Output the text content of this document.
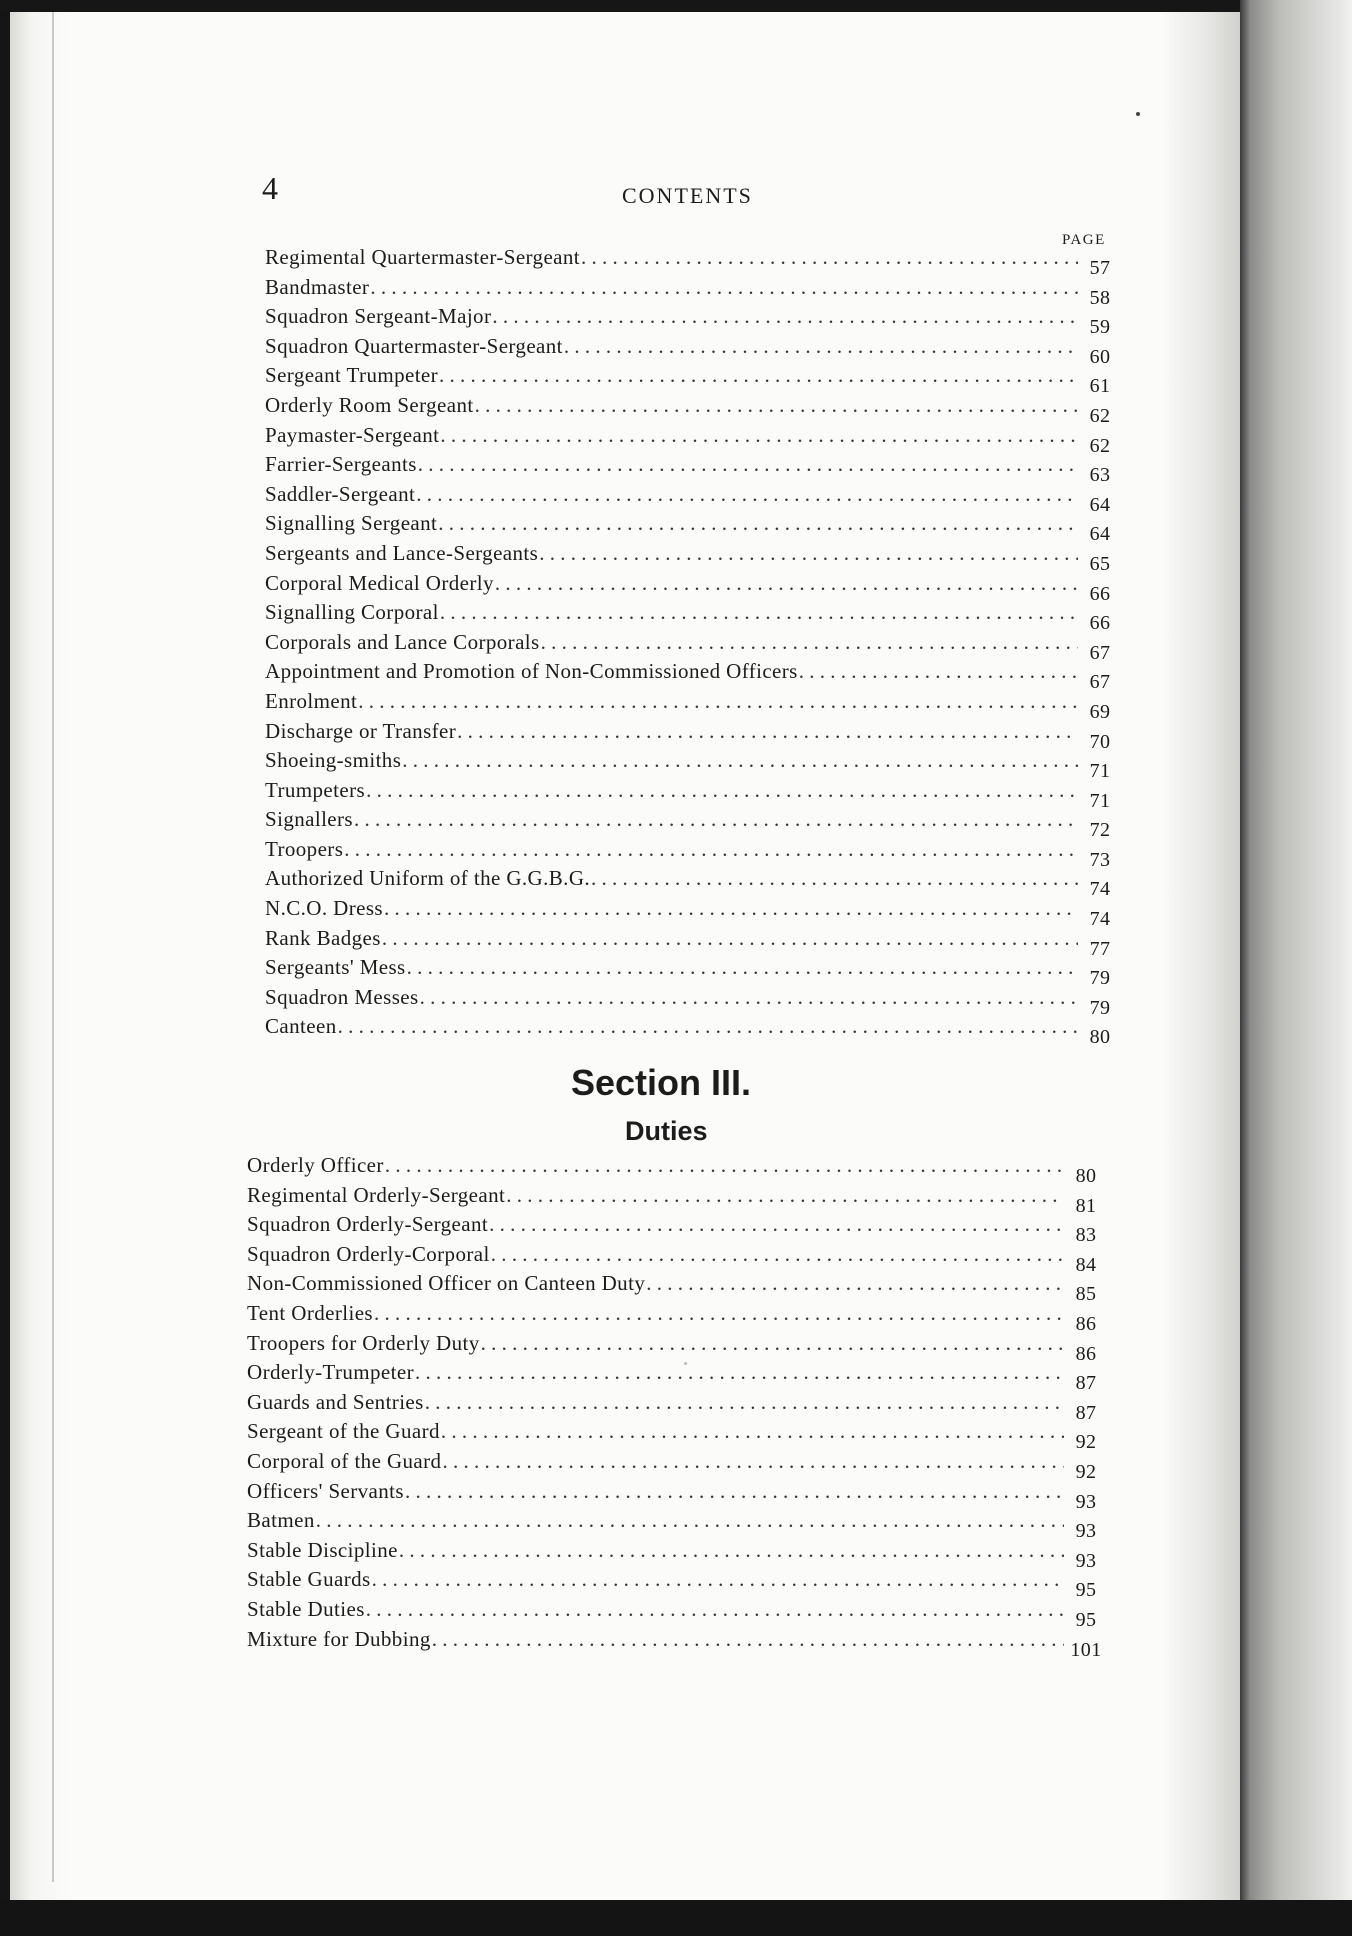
4	CONTENTS
PAGE
Regimental Quartermaster-Sergeant . . .	57
Bandmaster . . .	58
Squadron Sergeant-Major . . .	59
Squadron Quartermaster-Sergeant . . .	60
Sergeant Trumpeter . . .	61
Orderly Room Sergeant . . .	62
Paymaster-Sergeant . . .	62
Farrier-Sergeants . . .	63
Saddler-Sergeant . . .	64
Signalling Sergeant . . .	64
Sergeants and Lance-Sergeants . . .	65
Corporal Medical Orderly . . .	66
Signalling Corporal . . .	66
Corporals and Lance Corporals . . .	67
Appointment and Promotion of Non-Commissioned Officers . . .	67
Enrolment . . .	69
Discharge or Transfer . . .	70
Shoeing-smiths . . .	71
Trumpeters . . .	71
Signallers . . .	72
Troopers . . .	73
Authorized Uniform of the G.G.B.G. . . .	74
N.C.O. Dress . . .	74
Rank Badges . . .	77
Sergeants' Mess . . .	79
Squadron Messes . . .	79
Canteen . . .	80
Section III.
Duties
Orderly Officer . . .	80
Regimental Orderly-Sergeant . . .	81
Squadron Orderly-Sergeant . . .	83
Squadron Orderly-Corporal . . .	84
Non-Commissioned Officer on Canteen Duty . . .	85
Tent Orderlies . . .	86
Troopers for Orderly Duty . . .	86
Orderly-Trumpeter . . .	87
Guards and Sentries . . .	87
Sergeant of the Guard . . .	92
Corporal of the Guard . . .	92
Officers' Servants . . .	93
Batmen . . .	93
Stable Discipline . . .	93
Stable Guards . . .	95
Stable Duties . . .	95
Mixture for Dubbing . . .	101
